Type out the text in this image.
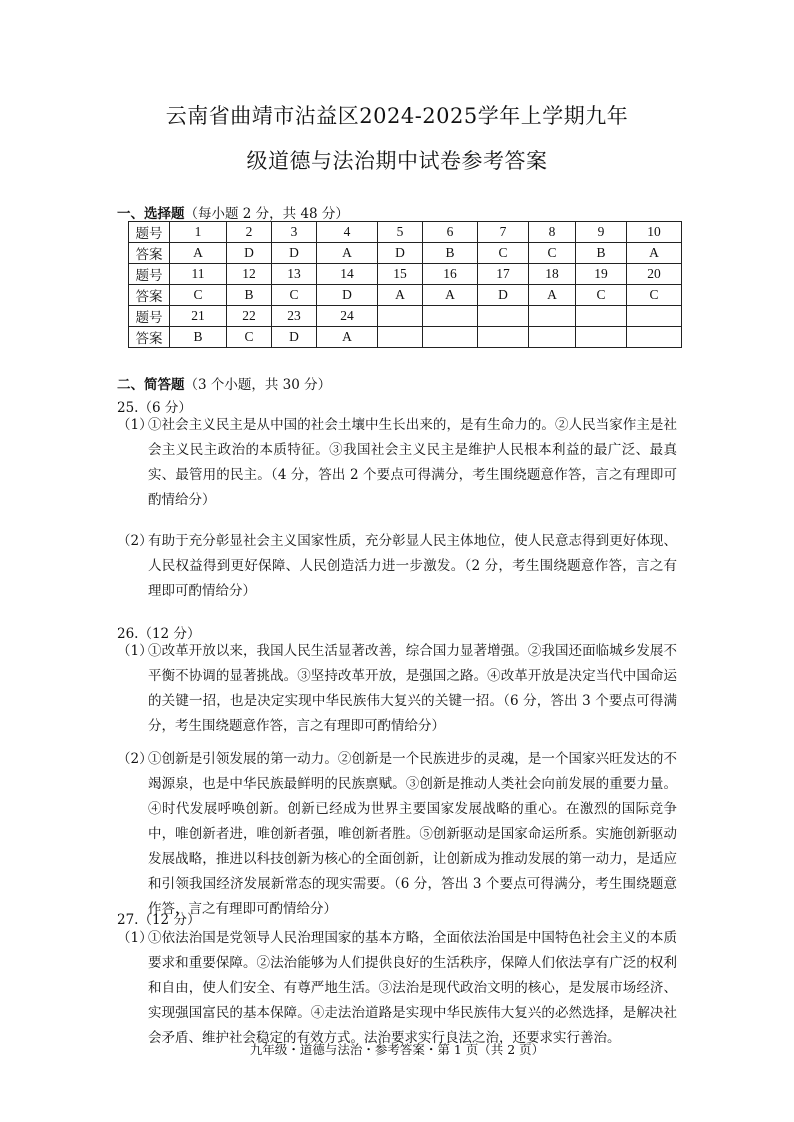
云南省曲靖市沾益区2024-2025学年上学期九年
级道德与法治期中试卷参考答案
一、选择题（每小题 2 分，共 48 分）
题号	1	2	3	4	5	6	7	8	9	10
答案	A	D	D	A	D	B	C	C	B	A
题号	11	12	13	14	15	16	17	18	19	20
答案	C	B	C	D	A	A	D	A	C	C
题号	21	22	23	24						
答案	B	C	D	A						
二、简答题（3 个小题，共 30 分）
25.（6 分）
（1）
①社会主义民主是从中国的社会土壤中生长出来的，是有生命力的。②人民当家作主是社会主义民主政治的本质特征。③我国社会主义民主是维护人民根本利益的最广泛、最真实、最管用的民主。（4 分，答出 2 个要点可得满分，考生围绕题意作答，言之有理即可酌情给分）
（2）
有助于充分彰显社会主义国家性质，充分彰显人民主体地位，使人民意志得到更好体现、人民权益得到更好保障、人民创造活力进一步激发。（2 分，考生围绕题意作答，言之有理即可酌情给分）
26.（12 分）
（1）
①改革开放以来，我国人民生活显著改善，综合国力显著增强。②我国还面临城乡发展不平衡不协调的显著挑战。③坚持改革开放，是强国之路。④改革开放是决定当代中国命运的关键一招，也是决定实现中华民族伟大复兴的关键一招。（6 分，答出 3 个要点可得满分，考生围绕题意作答，言之有理即可酌情给分）
（2）
①创新是引领发展的第一动力。②创新是一个民族进步的灵魂，是一个国家兴旺发达的不竭源泉，也是中华民族最鲜明的民族禀赋。③创新是推动人类社会向前发展的重要力量。④时代发展呼唤创新。创新已经成为世界主要国家发展战略的重心。在激烈的国际竞争中，唯创新者进，唯创新者强，唯创新者胜。⑤创新驱动是国家命运所系。实施创新驱动发展战略，推进以科技创新为核心的全面创新，让创新成为推动发展的第一动力，是适应和引领我国经济发展新常态的现实需要。（6 分，答出 3 个要点可得满分，考生围绕题意作答，言之有理即可酌情给分）
27.（12 分）
（1）
①依法治国是党领导人民治理国家的基本方略，全面依法治国是中国特色社会主义的本质要求和重要保障。②法治能够为人们提供良好的生活秩序，保障人们依法享有广泛的权利和自由，使人们安全、有尊严地生活。③法治是现代政治文明的核心，是发展市场经济、实现强国富民的基本保障。④走法治道路是实现中华民族伟大复兴的必然选择，是解决社会矛盾、维护社会稳定的有效方式。法治要求实行良法之治，还要求实行善治。
九年级・道德与法治・参考答案・第 1 页（共 2 页）
